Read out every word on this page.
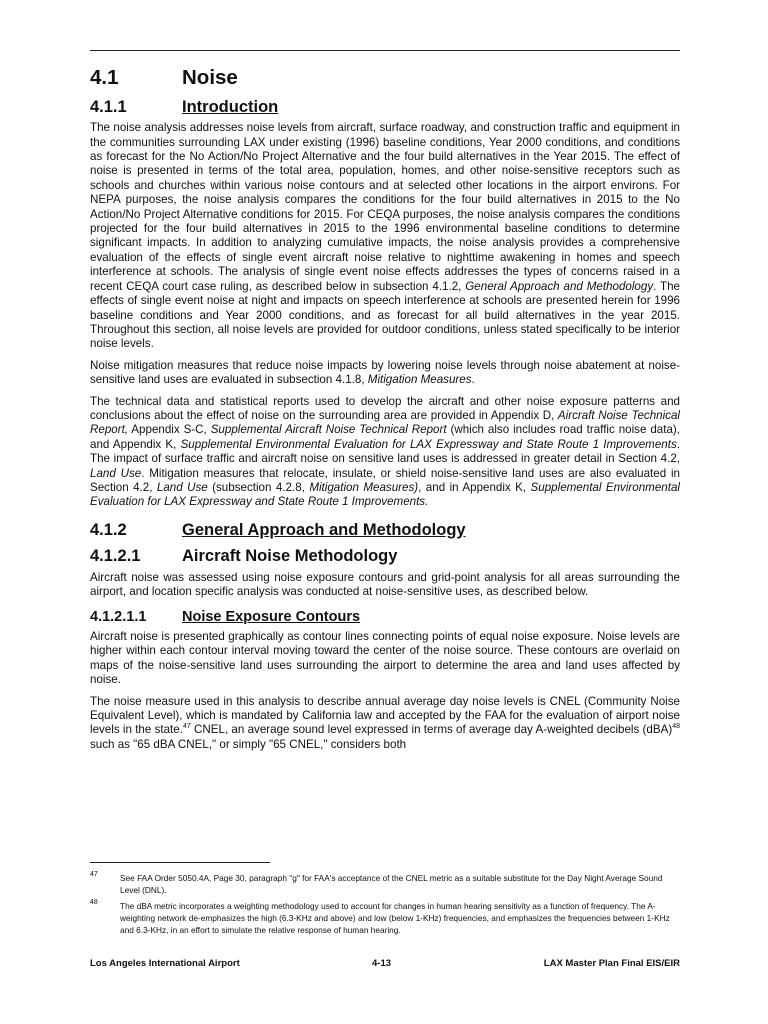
4.1	Noise
4.1.1	Introduction

The noise analysis addresses noise levels from aircraft, surface roadway, and construction traffic and equipment in the communities surrounding LAX under existing (1996) baseline conditions, Year 2000 conditions, and conditions as forecast for the No Action/No Project Alternative and the four build alternatives in the Year 2015. The effect of noise is presented in terms of the total area, population, homes, and other noise-sensitive receptors such as schools and churches within various noise contours and at selected other locations in the airport environs. For NEPA purposes, the noise analysis compares the conditions for the four build alternatives in 2015 to the No Action/No Project Alternative conditions for 2015. For CEQA purposes, the noise analysis compares the conditions projected for the four build alternatives in 2015 to the 1996 environmental baseline conditions to determine significant impacts. In addition to analyzing cumulative impacts, the noise analysis provides a comprehensive evaluation of the effects of single event aircraft noise relative to nighttime awakening in homes and speech interference at schools. The analysis of single event noise effects addresses the types of concerns raised in a recent CEQA court case ruling, as described below in subsection 4.1.2, General Approach and Methodology. The effects of single event noise at night and impacts on speech interference at schools are presented herein for 1996 baseline conditions and Year 2000 conditions, and as forecast for all build alternatives in the year 2015. Throughout this section, all noise levels are provided for outdoor conditions, unless stated specifically to be interior noise levels.

Noise mitigation measures that reduce noise impacts by lowering noise levels through noise abatement at noise-sensitive land uses are evaluated in subsection 4.1.8, Mitigation Measures.

The technical data and statistical reports used to develop the aircraft and other noise exposure patterns and conclusions about the effect of noise on the surrounding area are provided in Appendix D, Aircraft Noise Technical Report, Appendix S-C, Supplemental Aircraft Noise Technical Report (which also includes road traffic noise data), and Appendix K, Supplemental Environmental Evaluation for LAX Expressway and State Route 1 Improvements. The impact of surface traffic and aircraft noise on sensitive land uses is addressed in greater detail in Section 4.2, Land Use. Mitigation measures that relocate, insulate, or shield noise-sensitive land uses are also evaluated in Section 4.2, Land Use (subsection 4.2.8, Mitigation Measures), and in Appendix K, Supplemental Environmental Evaluation for LAX Expressway and State Route 1 Improvements.

4.1.2	General Approach and Methodology
4.1.2.1	Aircraft Noise Methodology

Aircraft noise was assessed using noise exposure contours and grid-point analysis for all areas surrounding the airport, and location specific analysis was conducted at noise-sensitive uses, as described below.

4.1.2.1.1 Noise Exposure Contours

Aircraft noise is presented graphically as contour lines connecting points of equal noise exposure. Noise levels are higher within each contour interval moving toward the center of the noise source. These contours are overlaid on maps of the noise-sensitive land uses surrounding the airport to determine the area and land uses affected by noise.

The noise measure used in this analysis to describe annual average day noise levels is CNEL (Community Noise Equivalent Level), which is mandated by California law and accepted by the FAA for the evaluation of airport noise levels in the state.$^{47}$ CNEL, an average sound level expressed in terms of average day A-weighted decibels (dBA)$^{48}$ such as "65 dBA CNEL," or simply "65 CNEL," considers both

47	See FAA Order 5050.4A, Page 30, paragraph "g" for FAA's acceptance of the CNEL metric as a suitable substitute for the Day Night Average Sound Level (DNL).
48	The dBA metric incorporates a weighting methodology used to account for changes in human hearing sensitivity as a function of frequency. The A-weighting network de-emphasizes the high (6.3-KHz and above) and low (below 1-KHz) frequencies, and emphasizes the frequencies between 1-KHz and 6.3-KHz, in an effort to simulate the relative response of human hearing.
Los Angeles International Airport	4-13	LAX Master Plan Final EIS/EIR
